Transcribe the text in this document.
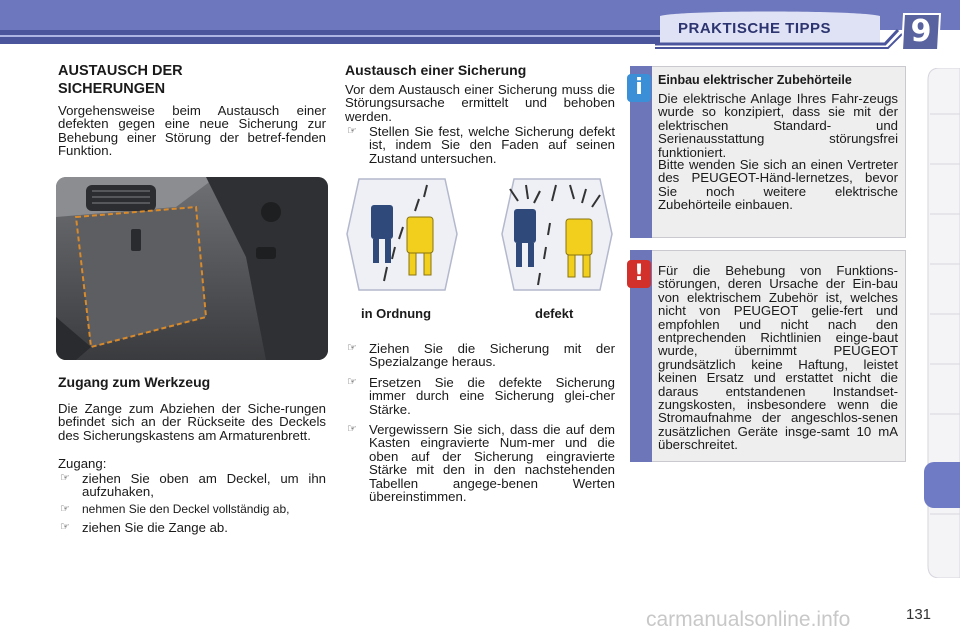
PRAKTISCHE TIPPS	9
AUSTAUSCH DER SICHERUNGEN

Vorgehensweise beim Austausch einer defekten gegen eine neue Sicherung zur Behebung einer Störung der betref-fenden Funktion.

Zugang zum Werkzeug

Die Zange zum Abziehen der Siche-rungen befindet sich an der Rückseite des Deckels des Sicherungskastens am Armaturenbrett.

Zugang:

☞ ziehen Sie oben am Deckel, um ihn aufzuhaken,
☞ nehmen Sie den Deckel vollständig ab,
☞ ziehen Sie die Zange ab.
Austausch einer Sicherung

Vor dem Austausch einer Sicherung muss die Störungsursache ermittelt und behoben werden.

☞ Stellen Sie fest, welche Sicherung defekt ist, indem Sie den Faden auf seinen Zustand untersuchen.
in Ordnung	defekt
☞ Ziehen Sie die Sicherung mit der Spezialzange heraus.
☞ Ersetzen Sie die defekte Sicherung immer durch eine Sicherung glei-cher Stärke.
☞ Vergewissern Sie sich, dass die auf dem Kasten eingravierte Num-mer und die oben auf der Sicherung eingravierte Stärke mit den in den nachstehenden Tabellen angege-benen Werten übereinstimmen.
i	Einbau elektrischer Zubehörteile

Die elektrische Anlage Ihres Fahr-zeugs wurde so konzipiert, dass sie mit der elektrischen Standard- und Serienausstattung störungsfrei funktioniert.

Bitte wenden Sie sich an einen Vertreter des PEUGEOT-Händ-lernetzes, bevor Sie noch weitere elektrische Zubehörteile einbauen.

!	Für die Behebung von Funktions-störungen, deren Ursache der Ein-bau von elektrischem Zubehör ist, welches nicht von PEUGEOT gelie-fert und empfohlen und nicht nach den entprechenden Richtlinien einge-baut wurde, übernimmt PEUGEOT grundsätzlich keine Haftung, leistet keinen Ersatz und erstattet nicht die daraus entstandenen Instandset-zungskosten, insbesondere wenn die Stromaufnahme der angeschlos-senen zusätzlichen Geräte insge-samt 10 mA überschreitet.

carmanualsonline.info	131
